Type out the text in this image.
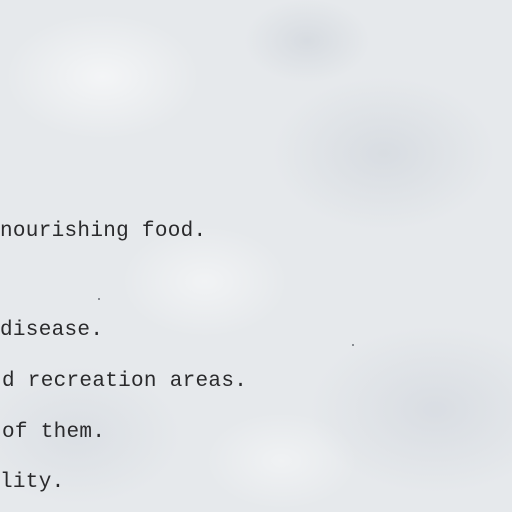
nourishing food.

disease.

d recreation areas.

of them.

lity.
